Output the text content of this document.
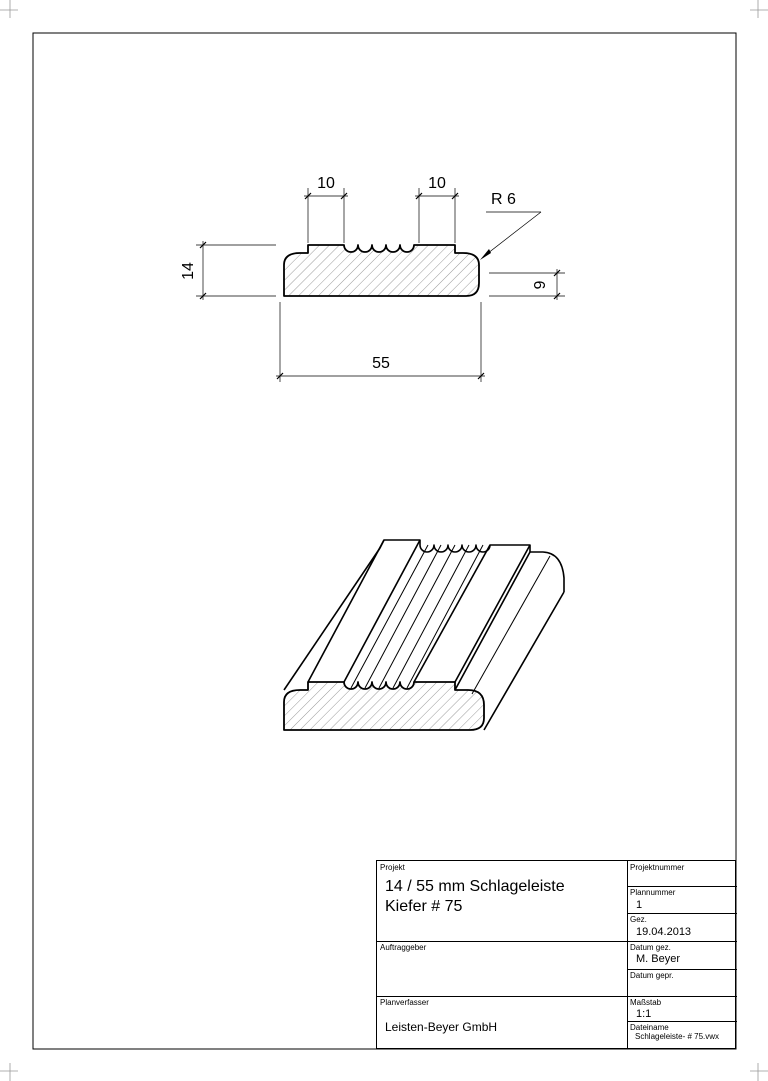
10	10
R 6
14
6
55
Projekt
14 / 55 mm Schlageleiste
Kiefer # 75
Projektnummer
Plannummer
1
Gez.
19.04.2013
Auftraggeber	Datum gez.
M. Beyer
Datum gepr.
Planverfasser
Leisten-Beyer GmbH
Maßstab
1:1
Dateiname
Schlageleiste- # 75.vwx
